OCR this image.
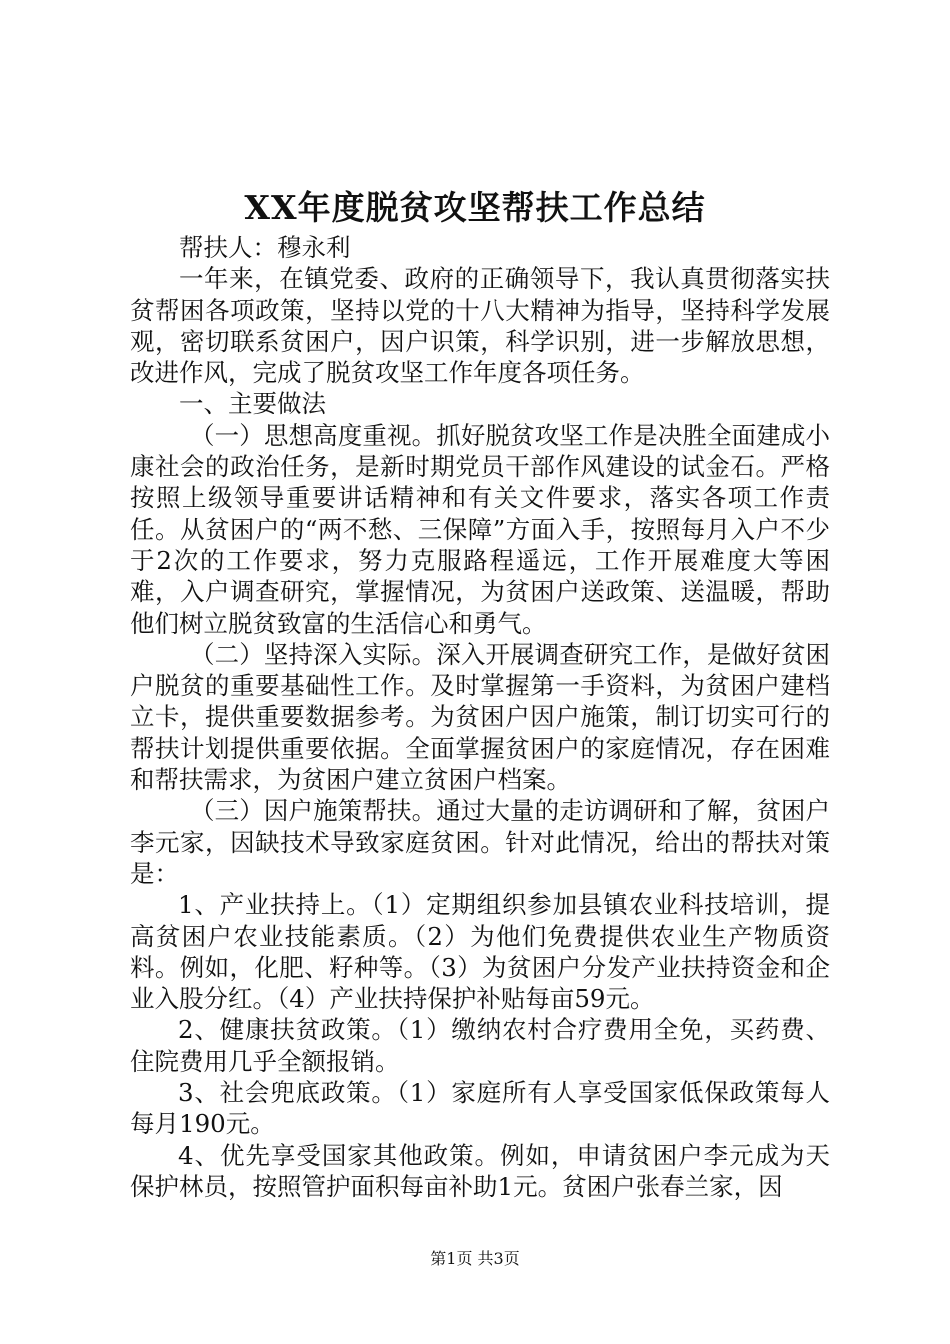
XX年度脱贫攻坚帮扶工作总结

帮扶人：穆永利

一年来，在镇党委、政府的正确领导下，我认真贯彻落实扶贫帮困各项政策，坚持以党的十八大精神为指导，坚持科学发展观，密切联系贫困户，因户识策，科学识别，进一步解放思想，改进作风，完成了脱贫攻坚工作年度各项任务。

一、主要做法

（一）思想高度重视。抓好脱贫攻坚工作是决胜全面建成小康社会的政治任务，是新时期党员干部作风建设的试金石。严格按照上级领导重要讲话精神和有关文件要求，落实各项工作责任。从贫困户的“两不愁、三保障”方面入手，按照每月入户不少于2次的工作要求，努力克服路程遥远，工作开展难度大等困难，入户调查研究，掌握情况，为贫困户送政策、送温暖，帮助他们树立脱贫致富的生活信心和勇气。

（二）坚持深入实际。深入开展调查研究工作，是做好贫困户脱贫的重要基础性工作。及时掌握第一手资料，为贫困户建档立卡，提供重要数据参考。为贫困户因户施策，制订切实可行的帮扶计划提供重要依据。全面掌握贫困户的家庭情况，存在困难和帮扶需求，为贫困户建立贫困户档案。

（三）因户施策帮扶。通过大量的走访调研和了解，贫困户李元家，因缺技术导致家庭贫困。针对此情况，给出的帮扶对策是：

1、产业扶持上。（1）定期组织参加县镇农业科技培训，提高贫困户农业技能素质。（2）为他们免费提供农业生产物质资料。例如，化肥、籽种等。（3）为贫困户分发产业扶持资金和企业入股分红。（4）产业扶持保护补贴每亩59元。

2、健康扶贫政策。（1）缴纳农村合疗费用全免，买药费、住院费用几乎全额报销。

3、社会兜底政策。（1）家庭所有人享受国家低保政策每人每月190元。

4、优先享受国家其他政策。例如，申请贫困户李元成为天保护林员，按照管护面积每亩补助1元。贫困户张春兰家，因

第1页 共3页
